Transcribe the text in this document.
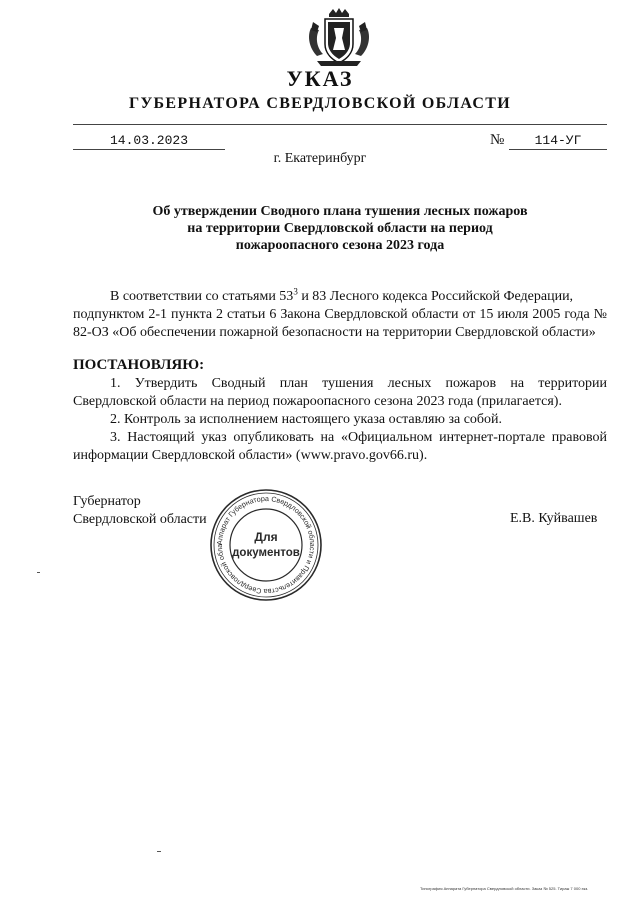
УКАЗ
ГУБЕРНАТОРА СВЕРДЛОВСКОЙ ОБЛАСТИ
14.03.2023	№	114-УГ
г. Екатеринбург
Об утверждении Сводного плана тушения лесных пожаров
на территории Свердловской области на период
пожароопасного сезона 2023 года
В соответствии со статьями $53^3$ и 83 Лесного кодекса Российской Федерации,
подпунктом 2-1 пункта 2 статьи 6 Закона Свердловской области от 15 июля 2005 года № 82-ОЗ «Об обеспечении пожарной безопасности на территории Свердловской области»
ПОСТАНОВЛЯЮ:

1. Утвердить Сводный план тушения лесных пожаров на территории Свердловской области на период пожароопасного сезона 2023 года (прилагается).

2. Контроль за исполнением настоящего указа оставляю за собой.

3. Настоящий указ опубликовать на «Официальном интернет-портале правовой информации Свердловской области» (www.pravo.gov66.ru).

Губернатор
Свердловской области
Аппарат Губернатора Свердловской области и Правительства Свердловской обла
Для
документов
Е.В. Куйвашев
Типография Аппарата Губернатора Свердловской области. Заказ № 525. Тираж 7 000 экз.
